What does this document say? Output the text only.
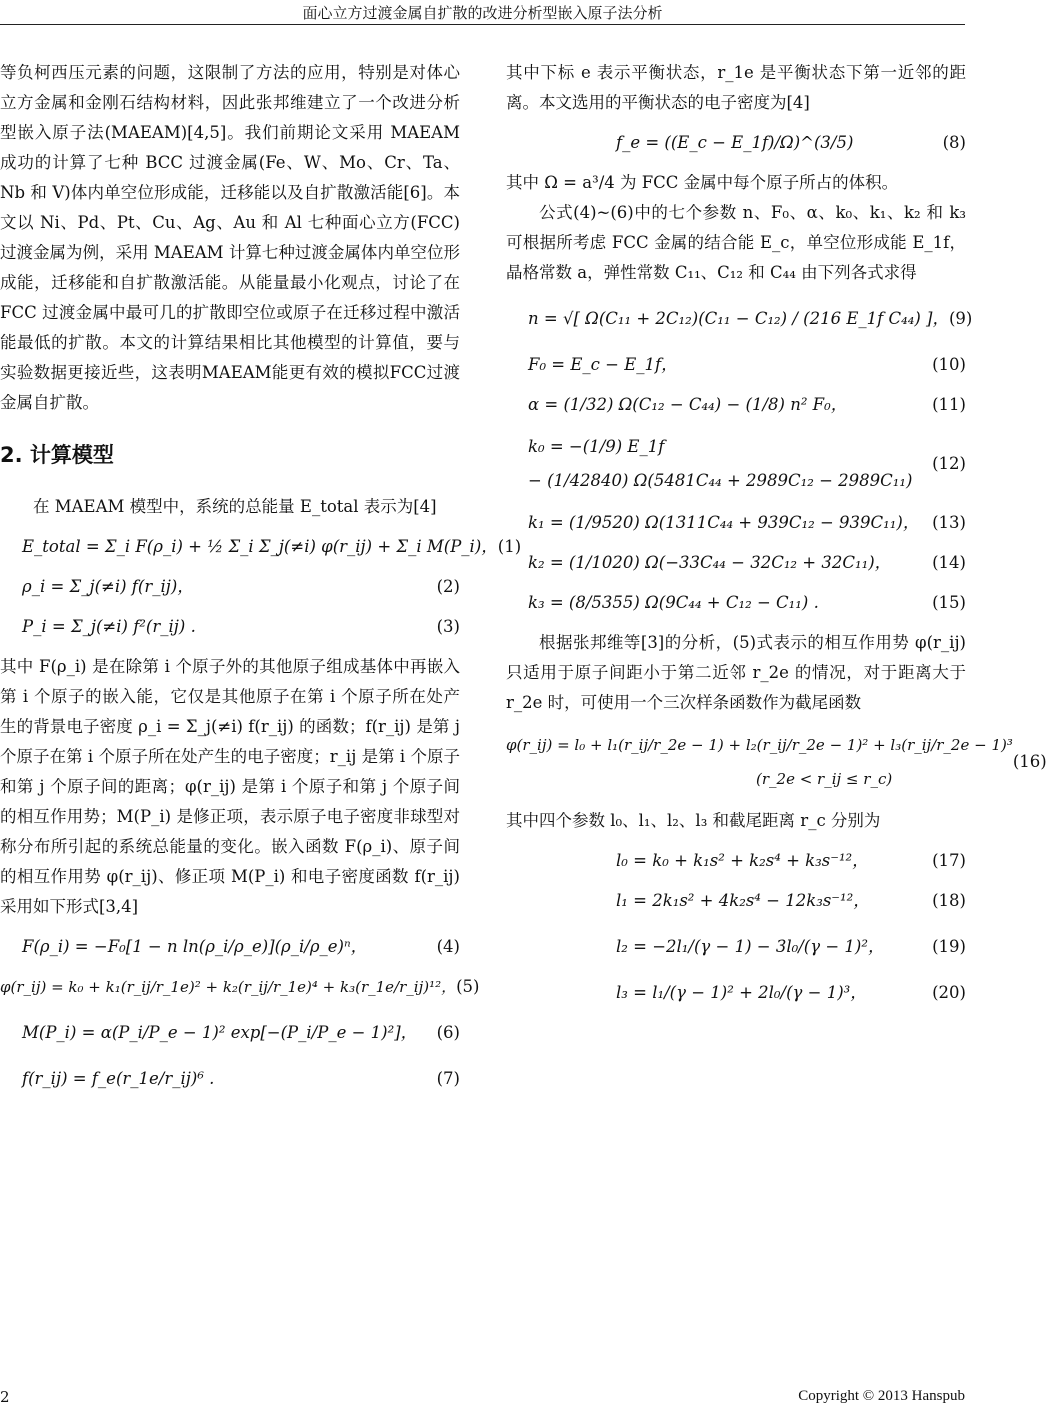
面心立方过渡金属自扩散的改进分析型嵌入原子法分析

等负柯西压元素的问题，这限制了方法的应用，特别是对体心立方金属和金刚石结构材料，因此张邦维建立了一个改进分析型嵌入原子法(MAEAM)[4,5]。我们前期论文采用 MAEAM 成功的计算了七种 BCC 过渡金属(Fe、W、Mo、Cr、Ta、Nb 和 V)体内单空位形成能，迁移能以及自扩散激活能[6]。本文以 Ni、Pd、Pt、Cu、Ag、Au 和 Al 七种面心立方(FCC)过渡金属为例，采用 MAEAM 计算七种过渡金属体内单空位形成能，迁移能和自扩散激活能。从能量最小化观点，讨论了在 FCC 过渡金属中最可几的扩散即空位或原子在迁移过程中激活能最低的扩散。本文的计算结果相比其他模型的计算值，要与实验数据更接近些，这表明MAEAM能更有效的模拟FCC过渡金属自扩散。

2. 计算模型

在 MAEAM 模型中，系统的总能量 E_total 表示为[4]

E_total = Σ_i F(ρ_i) + ½ Σ_i Σ_j(≠i) φ(r_ij) + Σ_i M(P_i)， (1)
ρ_i = Σ_j(≠i) f(r_ij)，	(2)
P_i = Σ_j(≠i) f²(r_ij) .	(3)

其中 F(ρ_i) 是在除第 i 个原子外的其他原子组成基体中再嵌入第 i 个原子的嵌入能，它仅是其他原子在第 i 个原子所在处产生的背景电子密度 ρ_i = Σ_j(≠i) f(r_ij) 的函数；f(r_ij) 是第 j 个原子在第 i 个原子所在处产生的电子密度；r_ij 是第 i 个原子和第 j 个原子间的距离；φ(r_ij) 是第 i 个原子和第 j 个原子间的相互作用势；M(P_i) 是修正项，表示原子电子密度非球型对称分布所引起的系统总能量的变化。嵌入函数 F(ρ_i)、原子间的相互作用势 φ(r_ij)、修正项 M(P_i) 和电子密度函数 f(r_ij) 采用如下形式[3,4]

F(ρ_i) = −F₀[1 − n ln(ρ_i/ρ_e)](ρ_i/ρ_e)ⁿ，	(4)
φ(r_ij) = k₀ + k₁(r_ij/r_1e)² + k₂(r_ij/r_1e)⁴ + k₃(r_1e/r_ij)¹²， (5)
M(P_i) = α(P_i/P_e − 1)² exp[−(P_i/P_e − 1)²]， (6)
f(r_ij) = f_e(r_1e/r_ij)⁶ .	(7)

其中下标 e 表示平衡状态，r_1e 是平衡状态下第一近邻的距离。本文选用的平衡状态的电子密度为[4]

f_e = ((E_c − E_1f)/Ω)^(3/5)	(8)

其中 Ω = a³/4 为 FCC 金属中每个原子所占的体积。

公式(4)~(6)中的七个参数 n、F₀、α、k₀、k₁、k₂ 和 k₃ 可根据所考虑 FCC 金属的结合能 E_c，单空位形成能 E_1f，晶格常数 a，弹性常数 C₁₁、C₁₂ 和 C₄₄ 由下列各式求得

n = √[ Ω(C₁₁ + 2C₁₂)(C₁₁ − C₁₂) / (216 E_1f C₄₄) ]， (9)
F₀ = E_c − E_1f，	(10)
α = (1/32) Ω(C₁₂ − C₄₄) − (1/8) n² F₀，	(11)
k₀ = −(1/9) E_1f
− (1/42840) Ω(5481C₄₄ + 2989C₁₂ − 2989C₁₁)
(12)
k₁ = (1/9520) Ω(1311C₄₄ + 939C₁₂ − 939C₁₁)， (13)
k₂ = (1/1020) Ω(−33C₄₄ − 32C₁₂ + 32C₁₁)， (14)
k₃ = (8/5355) Ω(9C₄₄ + C₁₂ − C₁₁) .	(15)

根据张邦维等[3]的分析，(5)式表示的相互作用势 φ(r_ij) 只适用于原子间距小于第二近邻 r_2e 的情况，对于距离大于 r_2e 时，可使用一个三次样条函数作为截尾函数

φ(r_ij) = l₀ + l₁(r_ij/r_2e − 1) + l₂(r_ij/r_2e − 1)² + l₃(r_ij/r_2e − 1)³
(r_2e < r_ij ≤ r_c)
(16)

其中四个参数 l₀、l₁、l₂、l₃ 和截尾距离 r_c 分别为

l₀ = k₀ + k₁s² + k₂s⁴ + k₃s⁻¹²，	(17)
l₁ = 2k₁s² + 4k₂s⁴ − 12k₃s⁻¹²，	(18)
l₂ = −2l₁/(γ − 1) − 3l₀/(γ − 1)²，	(19)
l₃ = l₁/(γ − 1)² + 2l₀/(γ − 1)³，	(20)
2	Copyright © 2013 Hanspub
